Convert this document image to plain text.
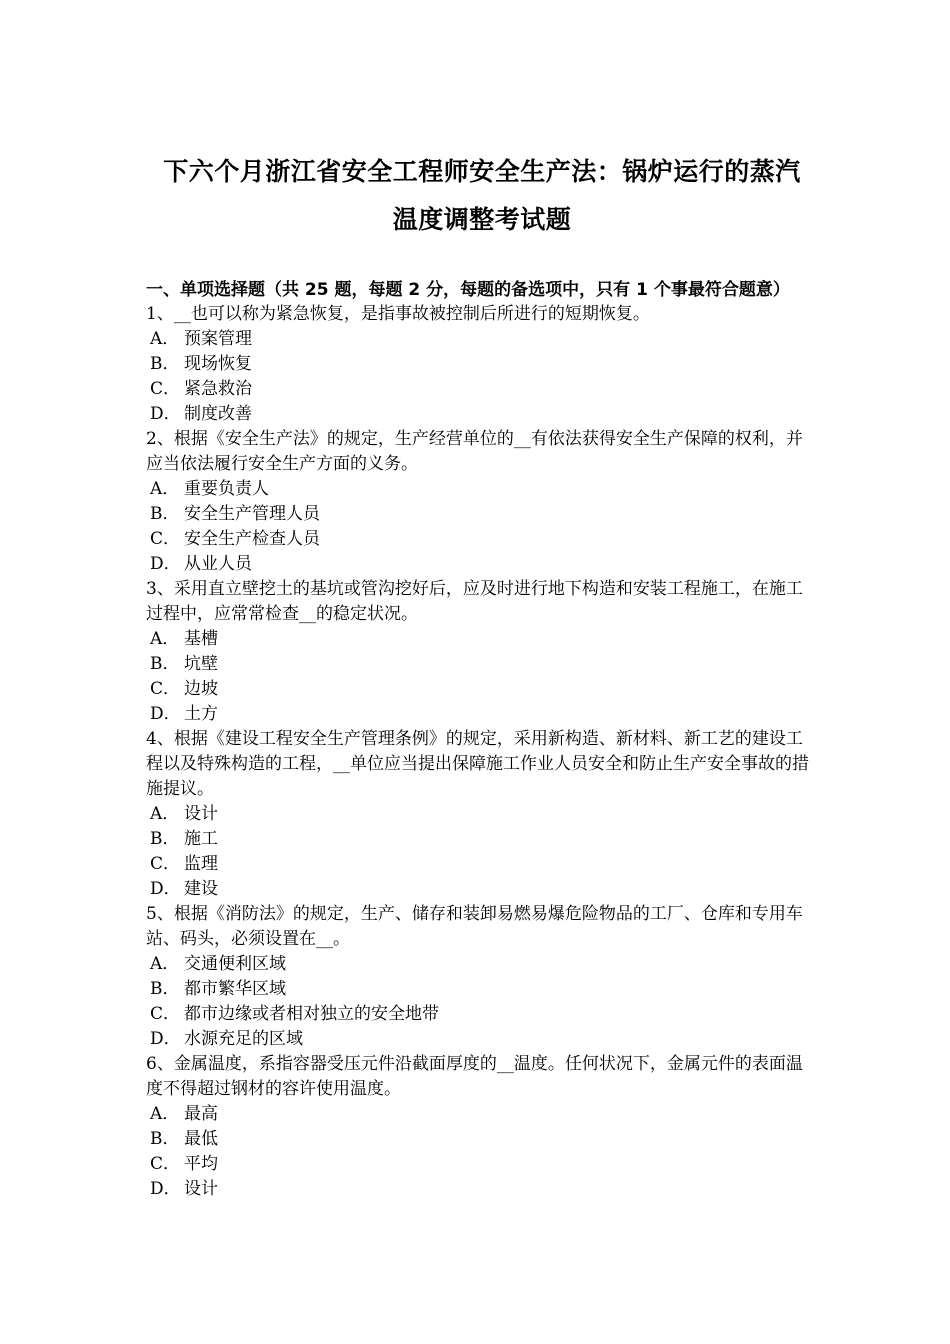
下六个月浙江省安全工程师安全生产法：锅炉运行的蒸汽
温度调整考试题
一、单项选择题（共 25 题，每题 2 分，每题的备选项中，只有 1 个事最符合题意）

1、__也可以称为紧急恢复，是指事故被控制后所进行的短期恢复。

A． 预案管理
B． 现场恢复
C． 紧急救治
D． 制度改善

2、根据《安全生产法》的规定，生产经营单位的__有依法获得安全生产保障的权利，并应当依法履行安全生产方面的义务。

A． 重要负责人
B． 安全生产管理人员
C． 安全生产检查人员
D． 从业人员

3、采用直立壁挖土的基坑或管沟挖好后，应及时进行地下构造和安装工程施工，在施工过程中，应常常检查__的稳定状况。

A． 基槽
B． 坑壁
C． 边坡
D． 土方

4、根据《建设工程安全生产管理条例》的规定，采用新构造、新材料、新工艺的建设工程以及特殊构造的工程，__单位应当提出保障施工作业人员安全和防止生产安全事故的措施提议。

A． 设计
B． 施工
C． 监理
D． 建设

5、根据《消防法》的规定，生产、储存和装卸易燃易爆危险物品的工厂、仓库和专用车站、码头，必须设置在__。

A． 交通便利区域
B． 都市繁华区域
C． 都市边缘或者相对独立的安全地带
D． 水源充足的区域

6、金属温度，系指容器受压元件沿截面厚度的__温度。任何状况下，金属元件的表面温度不得超过钢材的容许使用温度。

A． 最高
B． 最低
C． 平均
D． 设计
